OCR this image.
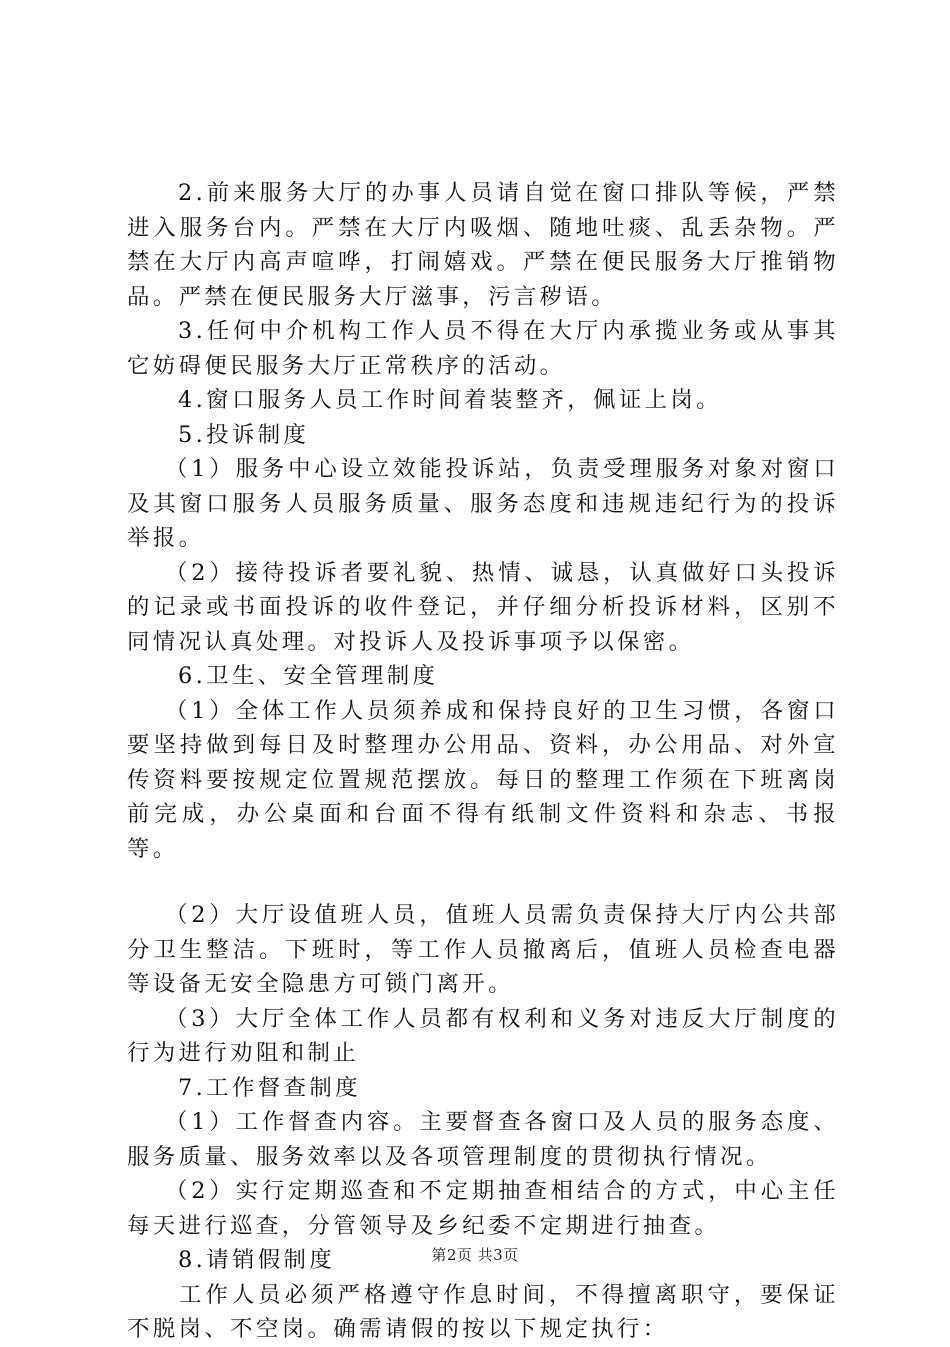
2.前来服务大厅的办事人员请自觉在窗口排队等候，严禁进入服务台内。严禁在大厅内吸烟、随地吐痰、乱丢杂物。严禁在大厅内高声喧哗，打闹嬉戏。严禁在便民服务大厅推销物品。严禁在便民服务大厅滋事，污言秽语。

3.任何中介机构工作人员不得在大厅内承揽业务或从事其它妨碍便民服务大厅正常秩序的活动。

4.窗口服务人员工作时间着装整齐，佩证上岗。

5.投诉制度

（1）服务中心设立效能投诉站，负责受理服务对象对窗口及其窗口服务人员服务质量、服务态度和违规违纪行为的投诉举报。

（2）接待投诉者要礼貌、热情、诚恳，认真做好口头投诉的记录或书面投诉的收件登记，并仔细分析投诉材料，区别不同情况认真处理。对投诉人及投诉事项予以保密。

6.卫生、安全管理制度

（1）全体工作人员须养成和保持良好的卫生习惯，各窗口要坚持做到每日及时整理办公用品、资料，办公用品、对外宣传资料要按规定位置规范摆放。每日的整理工作须在下班离岗前完成，办公桌面和台面不得有纸制文件资料和杂志、书报等。

（2）大厅设值班人员，值班人员需负责保持大厅内公共部分卫生整洁。下班时，等工作人员撤离后，值班人员检查电器等设备无安全隐患方可锁门离开。

（3）大厅全体工作人员都有权利和义务对违反大厅制度的行为进行劝阻和制止

7.工作督查制度

（1）工作督查内容。主要督查各窗口及人员的服务态度、服务质量、服务效率以及各项管理制度的贯彻执行情况。

（2）实行定期巡查和不定期抽查相结合的方式，中心主任每天进行巡查，分管领导及乡纪委不定期进行抽查。

8.请销假制度

工作人员必须严格遵守作息时间，不得擅离职守，要保证不脱岗、不空岗。确需请假的按以下规定执行：

第2页 共3页
